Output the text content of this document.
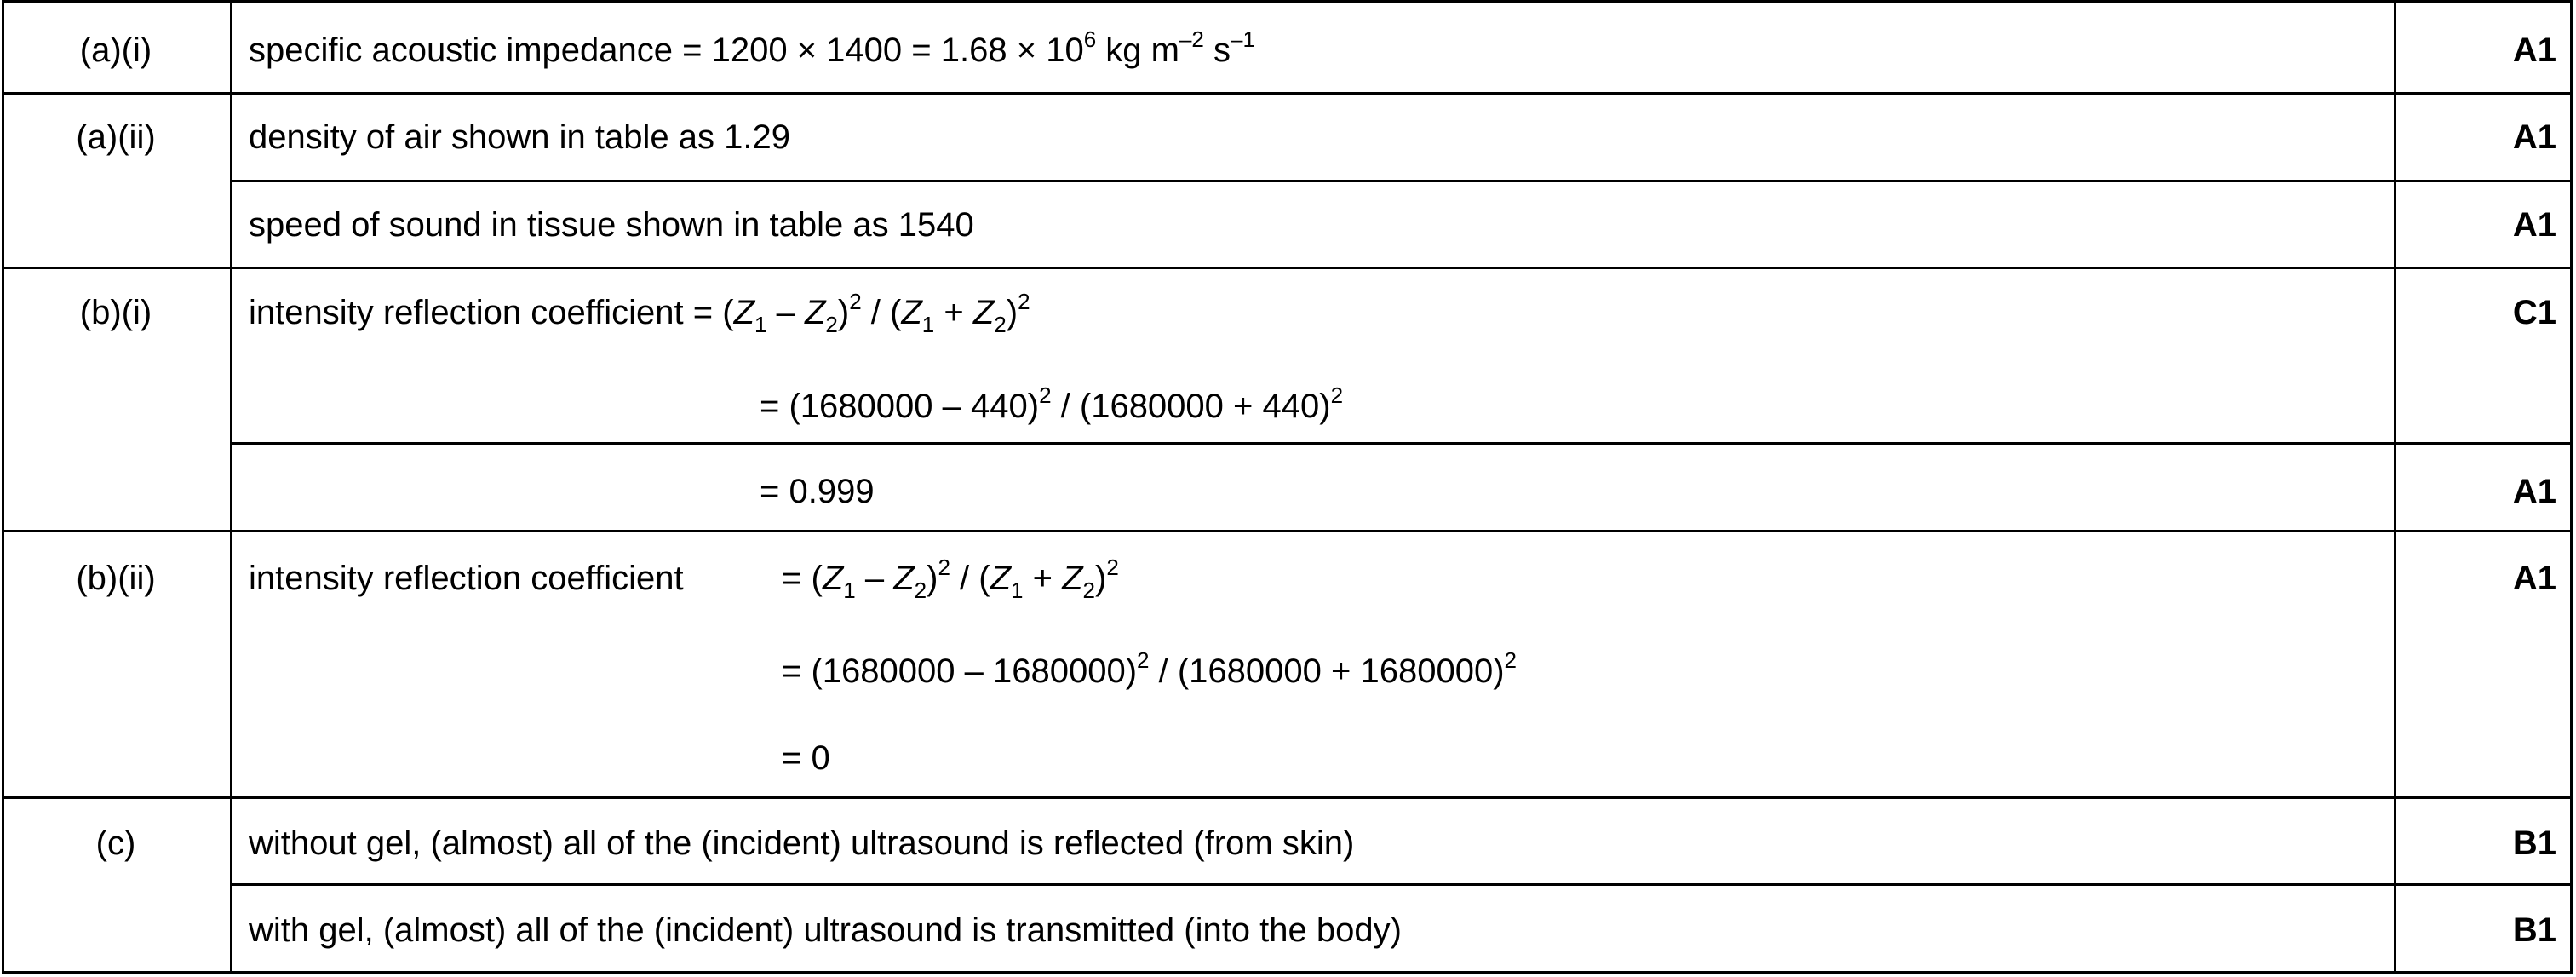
(a)(i)	specific acoustic impedance = $1200 \times 1400 = 1.68 \times 10^6$ kg $m^{-2}$ $s^{-1}$	A1
(a)(ii)	density of air shown in table as 1.29	A1
speed of sound in tissue shown in table as 1540	A1
(b)(i)	intensity reflection coefficient = $(Z_1 - Z_2)^2 / (Z_1 + Z_2)^2$	C1
= $(1680000 - 440)^2 / (1680000 + 440)^2$
= 0.999	A1
(b)(ii)	intensity reflection coefficient	= $(Z_1 - Z_2)^2 / (Z_1 + Z_2)^2$	A1
= $(1680000 - 1680000)^2 / (1680000 + 1680000)^2$
= 0
(c)	without gel, (almost) all of the (incident) ultrasound is reflected (from skin)	B1
with gel, (almost) all of the (incident) ultrasound is transmitted (into the body)	B1
